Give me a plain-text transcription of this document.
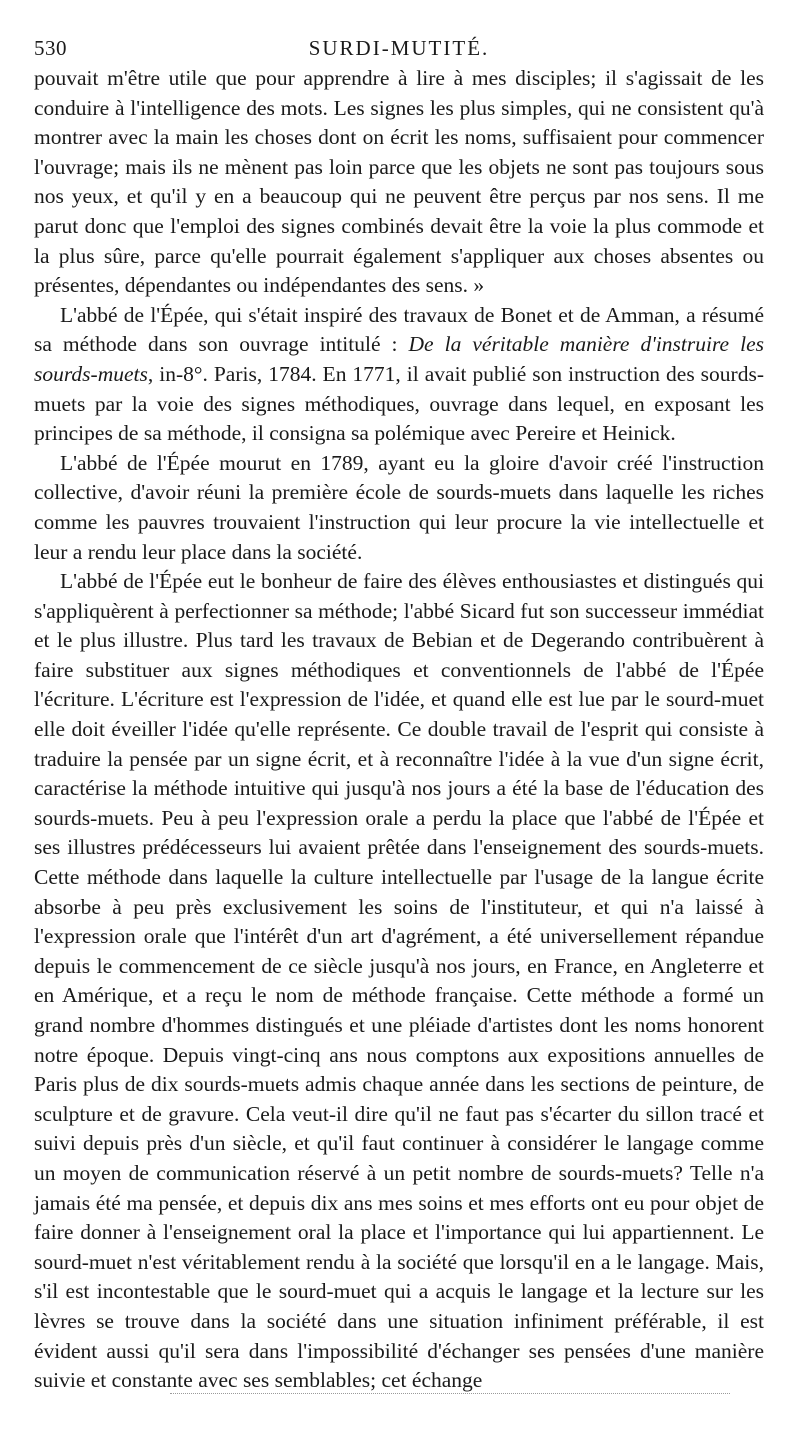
530	SURDI-MUTITÉ.

pouvait m'être utile que pour apprendre à lire à mes disciples; il s'agissait de les conduire à l'intelligence des mots. Les signes les plus simples, qui ne consistent qu'à montrer avec la main les choses dont on écrit les noms, suffisaient pour commencer l'ouvrage; mais ils ne mènent pas loin parce que les objets ne sont pas toujours sous nos yeux, et qu'il y en a beaucoup qui ne peuvent être perçus par nos sens. Il me parut donc que l'emploi des signes combinés devait être la voie la plus commode et la plus sûre, parce qu'elle pourrait également s'appliquer aux choses absentes ou présentes, dépendantes ou indépendantes des sens. »

L'abbé de l'Épée, qui s'était inspiré des travaux de Bonet et de Amman, a résumé sa méthode dans son ouvrage intitulé : De la véritable manière d'instruire les sourds-muets, in-8°. Paris, 1784. En 1771, il avait publié son instruction des sourds-muets par la voie des signes méthodiques, ouvrage dans lequel, en exposant les principes de sa méthode, il consigna sa polémique avec Pereire et Heinick.

L'abbé de l'Épée mourut en 1789, ayant eu la gloire d'avoir créé l'instruction collective, d'avoir réuni la première école de sourds-muets dans laquelle les riches comme les pauvres trouvaient l'instruction qui leur procure la vie intellectuelle et leur a rendu leur place dans la société.

L'abbé de l'Épée eut le bonheur de faire des élèves enthousiastes et distingués qui s'appliquèrent à perfectionner sa méthode; l'abbé Sicard fut son successeur immédiat et le plus illustre. Plus tard les travaux de Bebian et de Degerando contribuèrent à faire substituer aux signes méthodiques et conventionnels de l'abbé de l'Épée l'écriture. L'écriture est l'expression de l'idée, et quand elle est lue par le sourd-muet elle doit éveiller l'idée qu'elle représente. Ce double travail de l'esprit qui consiste à traduire la pensée par un signe écrit, et à reconnaître l'idée à la vue d'un signe écrit, caractérise la méthode intuitive qui jusqu'à nos jours a été la base de l'éducation des sourds-muets. Peu à peu l'expression orale a perdu la place que l'abbé de l'Épée et ses illustres prédécesseurs lui avaient prêtée dans l'enseignement des sourds-muets. Cette méthode dans laquelle la culture intellectuelle par l'usage de la langue écrite absorbe à peu près exclusivement les soins de l'instituteur, et qui n'a laissé à l'expression orale que l'intérêt d'un art d'agrément, a été universellement répandue depuis le commencement de ce siècle jusqu'à nos jours, en France, en Angleterre et en Amérique, et a reçu le nom de méthode française. Cette méthode a formé un grand nombre d'hommes distingués et une pléiade d'artistes dont les noms honorent notre époque. Depuis vingt-cinq ans nous comptons aux expositions annuelles de Paris plus de dix sourds-muets admis chaque année dans les sections de peinture, de sculpture et de gravure. Cela veut-il dire qu'il ne faut pas s'écarter du sillon tracé et suivi depuis près d'un siècle, et qu'il faut continuer à considérer le langage comme un moyen de communication réservé à un petit nombre de sourds-muets? Telle n'a jamais été ma pensée, et depuis dix ans mes soins et mes efforts ont eu pour objet de faire donner à l'enseignement oral la place et l'importance qui lui appartiennent. Le sourd-muet n'est véritablement rendu à la société que lorsqu'il en a le langage. Mais, s'il est incontestable que le sourd-muet qui a acquis le langage et la lecture sur les lèvres se trouve dans la société dans une situation infiniment préférable, il est évident aussi qu'il sera dans l'impossibilité d'échanger ses pensées d'une manière suivie et constante avec ses semblables; cet échange
